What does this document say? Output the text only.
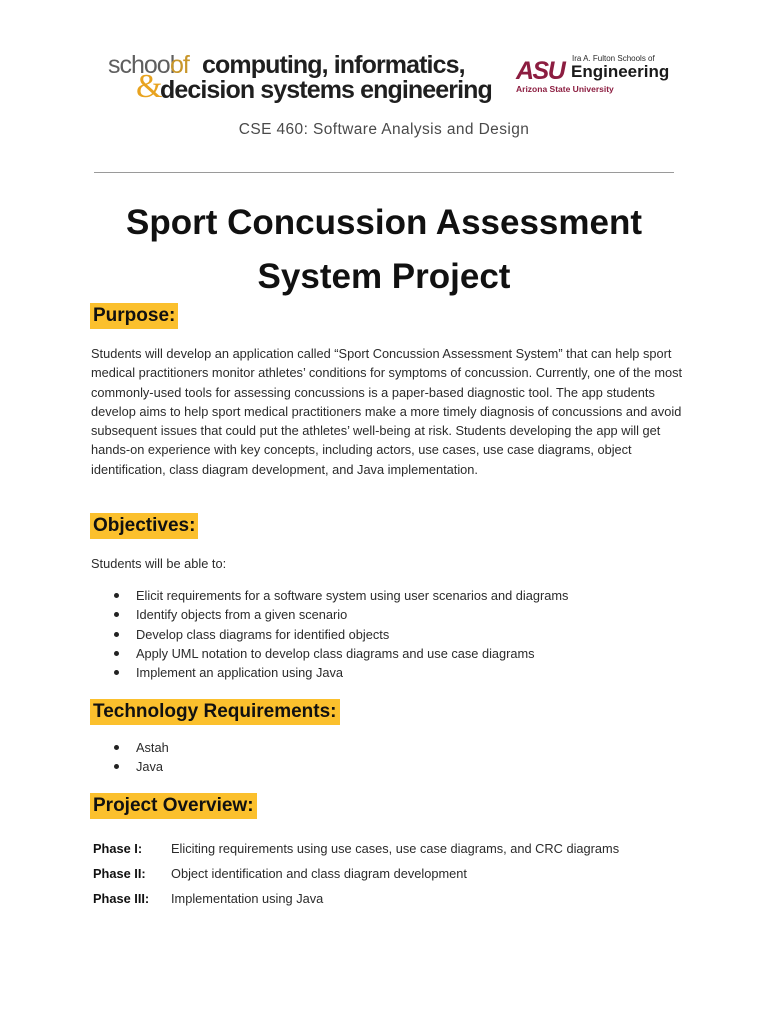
school
of
&
computing, informatics,
decision systems engineering
ASU Ira A. Fulton Schools of
Engineering
Arizona State University
CSE 460: Software Analysis and Design
Sport Concussion Assessment
System Project
Purpose:

Students will develop an application called “Sport Concussion Assessment System” that can help sport medical practitioners monitor athletes’ conditions for symptoms of concussion. Currently, one of the most commonly-used tools for assessing concussions is a paper-based diagnostic tool. The app students develop aims to help sport medical practitioners make a more timely diagnosis of concussions and avoid subsequent issues that could put the athletes’ well-being at risk. Students developing the app will get hands-on experience with key concepts, including actors, use cases, use case diagrams, object identification, class diagram development, and Java implementation.

Objectives:

Students will be able to:

Elicit requirements for a software system using user scenarios and diagrams
Identify objects from a given scenario
Develop class diagrams for identified objects
Apply UML notation to develop class diagrams and use case diagrams
Implement an application using Java
Technology Requirements:
Astah
Java
Project Overview:
Phase I:	Eliciting requirements using use cases, use case diagrams, and CRC diagrams
Phase II:	Object identification and class diagram development
Phase III:	Implementation using Java
